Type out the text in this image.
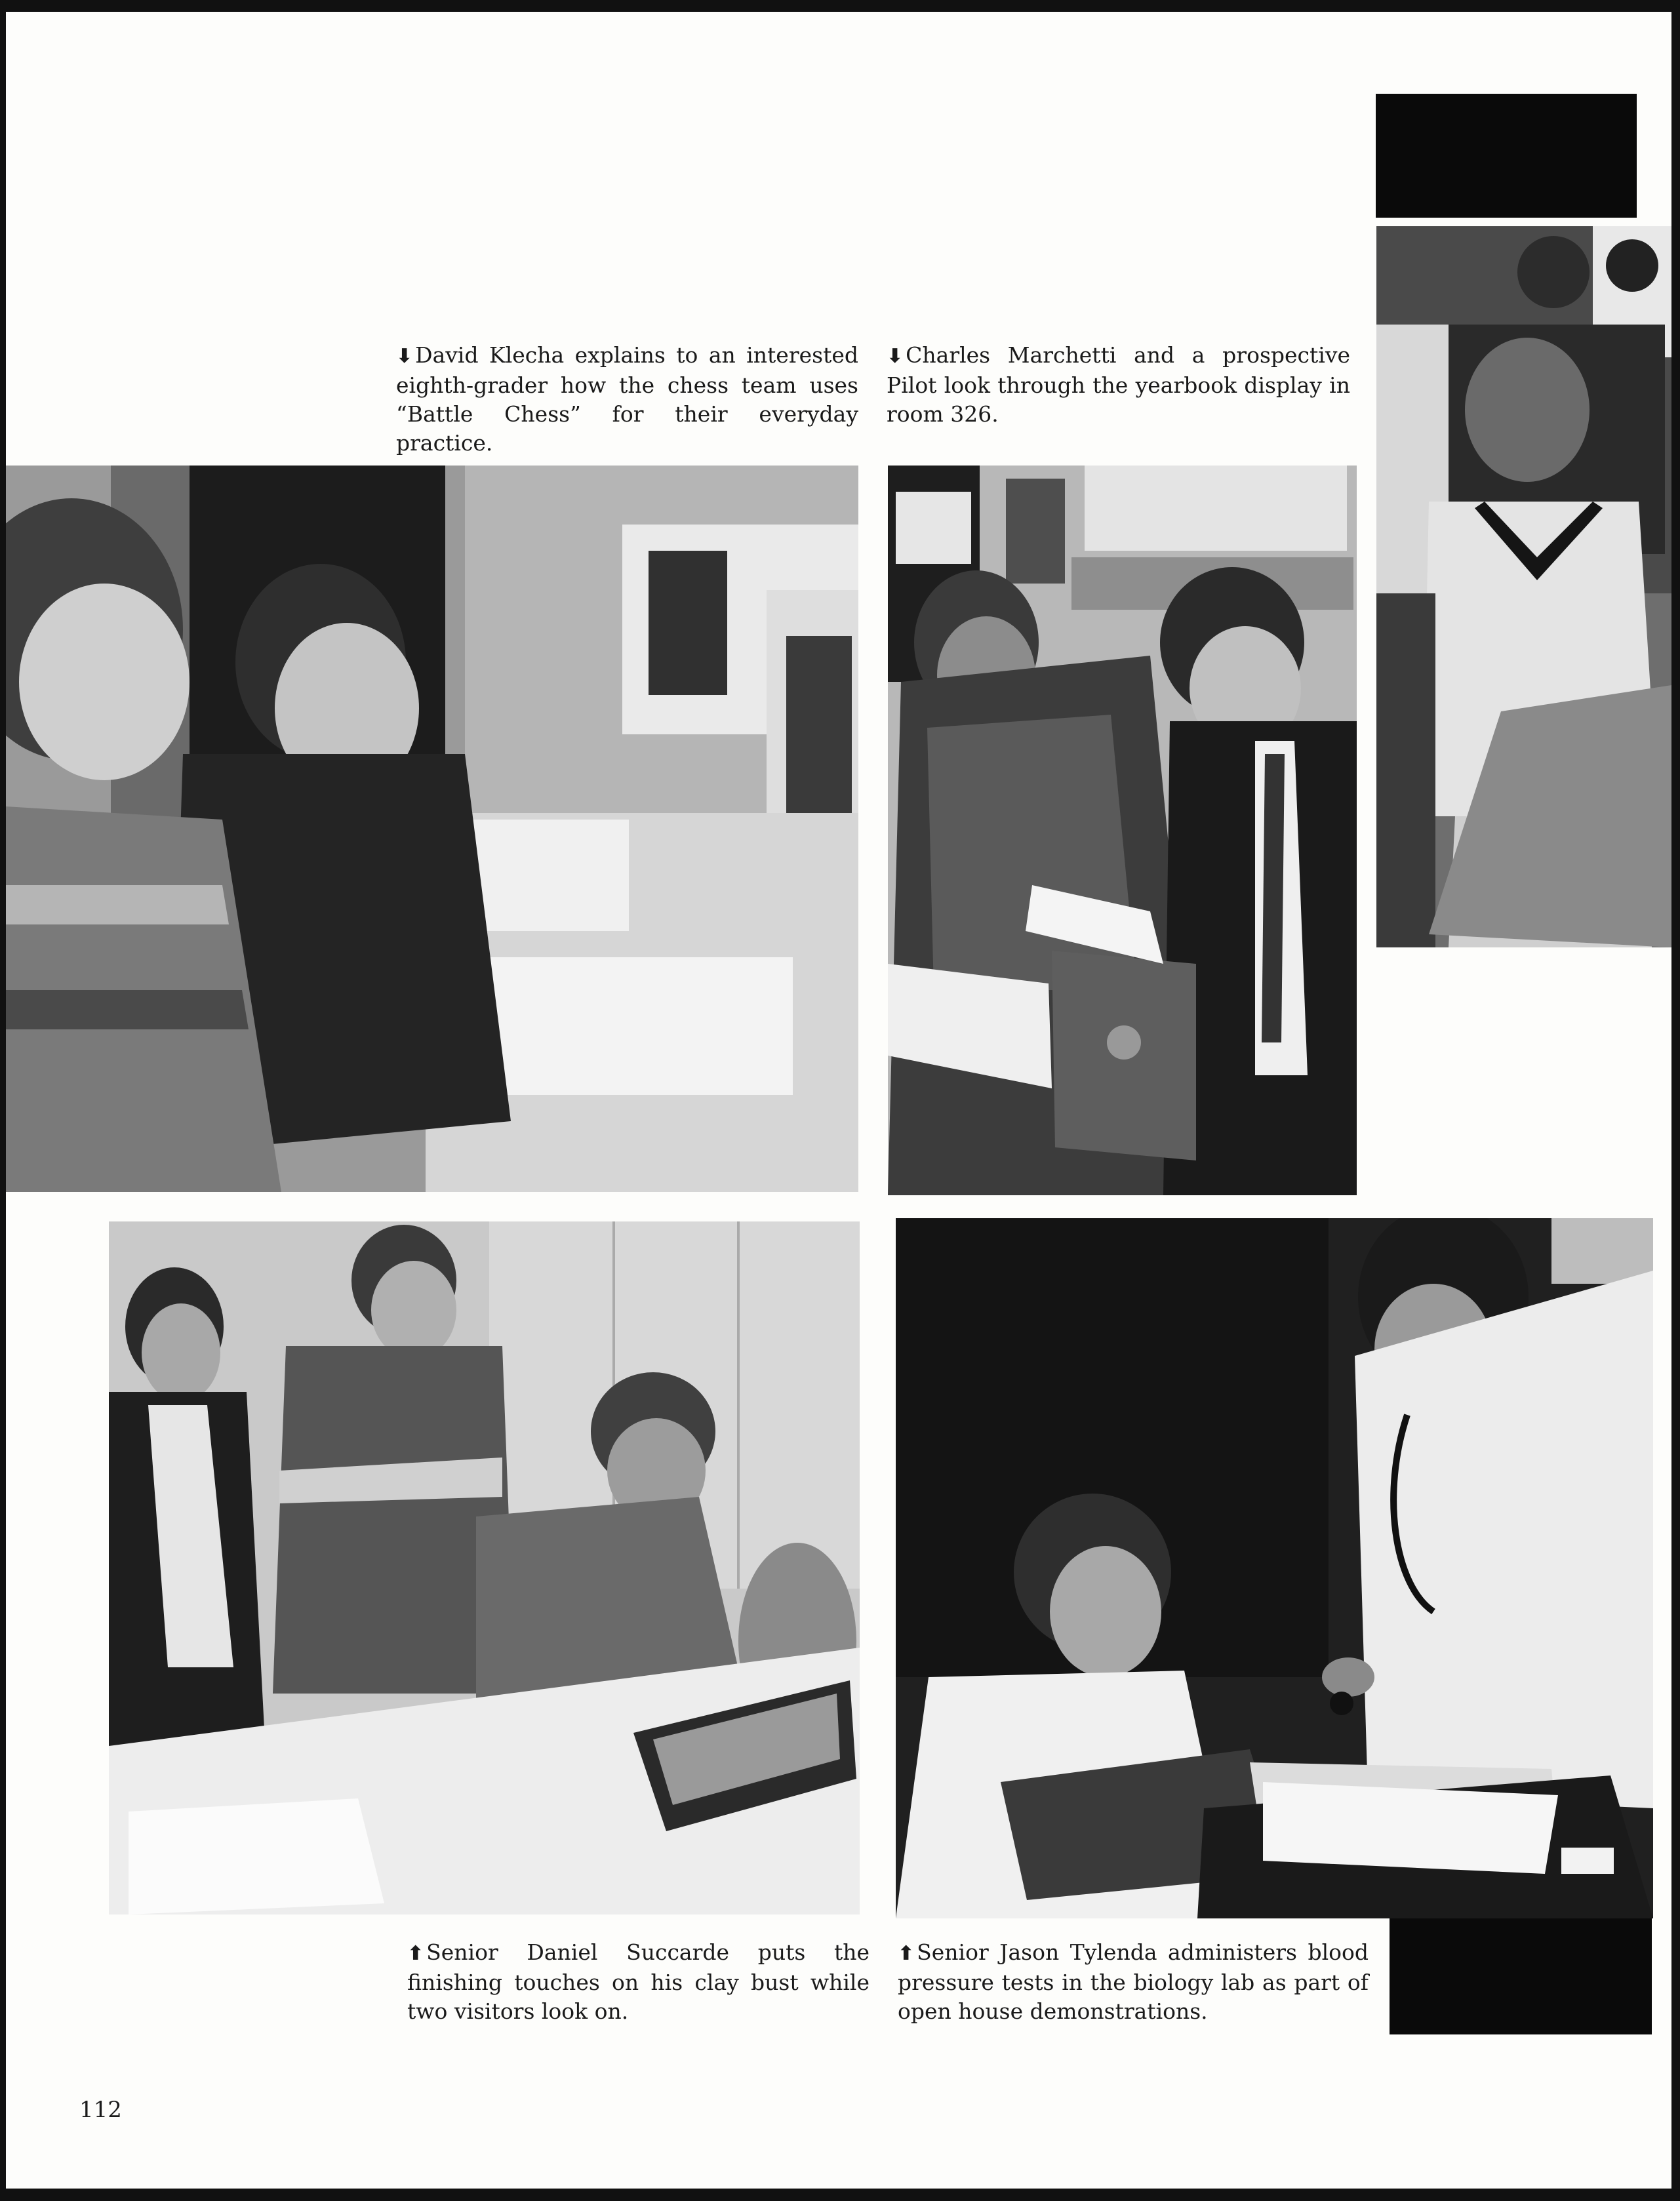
⬇ David Klecha explains to an interested eighth-grader how the chess team uses “Battle Chess” for their everyday practice.

⬇ Charles Marchetti and a prospective Pilot look through the yearbook display in room 326.

⬆ Senior Daniel Succarde puts the finishing touches on his clay bust while two visitors look on.

⬆ Senior Jason Tylenda administers blood pressure tests in the biology lab as part of open house demonstrations.

112
